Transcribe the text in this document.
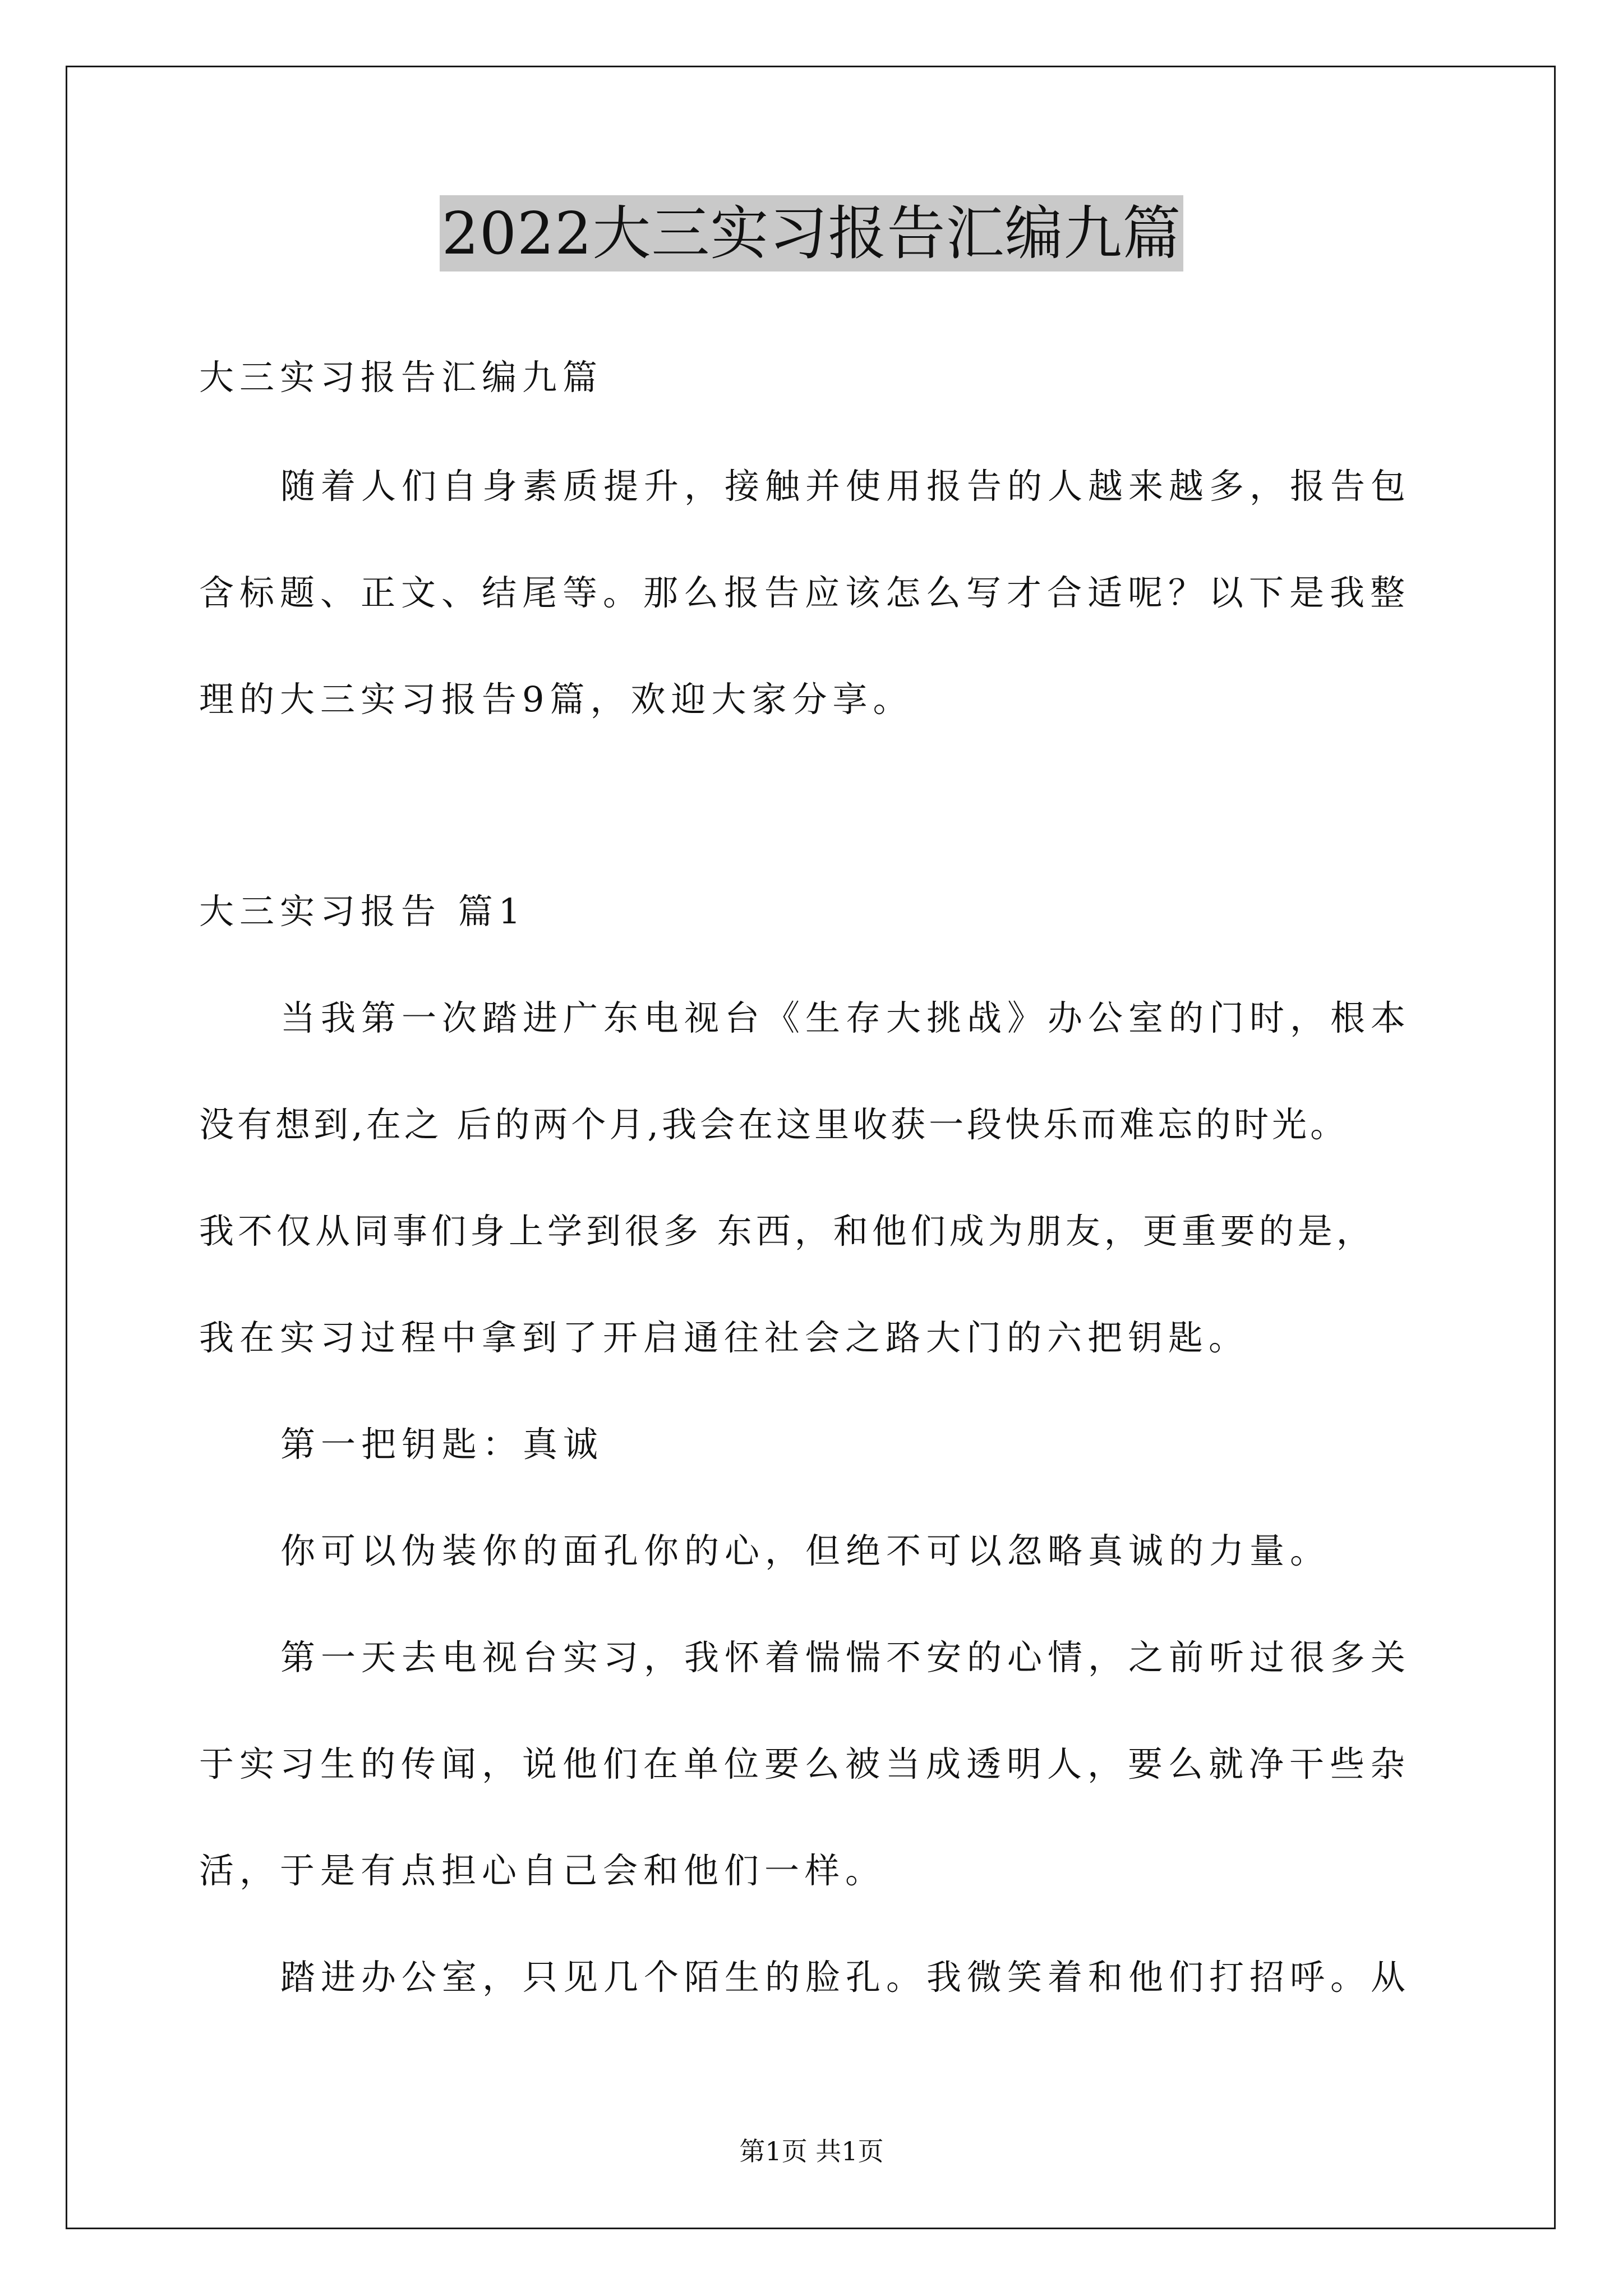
2022大三实习报告汇编九篇
大三实习报告汇编九篇
随着人们自身素质提升，接触并使用报告的人越来越多，报告包
含标题、正文、结尾等。那么报告应该怎么写才合适呢？以下是我整
理的大三实习报告9篇，欢迎大家分享。
大三实习报告 篇1
当我第一次踏进广东电视台《生存大挑战》办公室的门时，根本
没有想到,在之 后的两个月,我会在这里收获一段快乐而难忘的时光。
我不仅从同事们身上学到很多 东西，和他们成为朋友，更重要的是，
我在实习过程中拿到了开启通往社会之路大门的六把钥匙。
第一把钥匙：真诚
你可以伪装你的面孔你的心，但绝不可以忽略真诚的力量。
第一天去电视台实习，我怀着惴惴不安的心情，之前听过很多关
于实习生的传闻，说他们在单位要么被当成透明人，要么就净干些杂
活，于是有点担心自己会和他们一样。
踏进办公室，只见几个陌生的脸孔。我微笑着和他们打招呼。从
第1页 共1页
